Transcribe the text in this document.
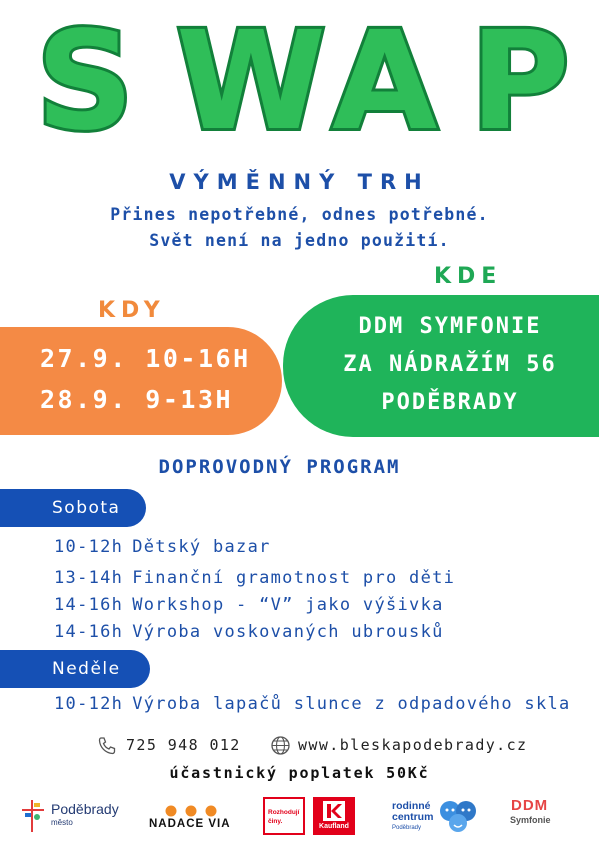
S W A P
VÝMĚNNÝ TRH
Přines nepotřebné, odnes potřebné.
Svět není na jedno použití.
KDE
KDY
27.9. 10-16H
28.9. 9-13H
DDM SYMFONIE
ZA NÁDRAŽÍM 56
PODĚBRADY
DOPROVODNÝ PROGRAM
Sobota
10-12h Dětský bazar
13-14h Finanční gramotnost pro děti
14-16h Workshop - “V” jako výšivka
14-16h Výroba voskovaných ubrousků
Neděle
10-12h Výroba lapačů slunce z odpadového skla
725 948 012	www.bleskapodebrady.cz
účastnický poplatek 50Kč
Poděbrady
město	NADACE VIA
Rozhodují činy.
Kaufland
rodinné
centrum
Poděbrady
DDM
Symfonie
